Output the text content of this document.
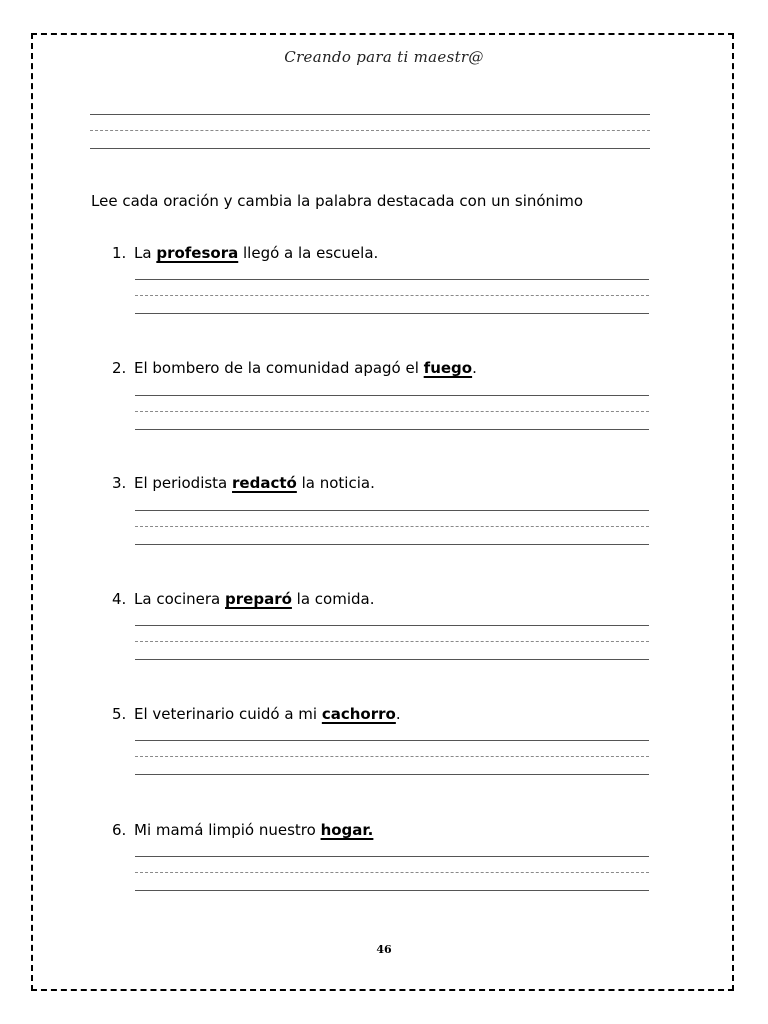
Creando para ti maestr@
Lee cada oración y cambia la palabra destacada con un sinónimo
1. La profesora llegó a la escuela.
2. El bombero de la comunidad apagó el fuego.
3. El periodista redactó la noticia.
4. La cocinera preparó la comida.
5. El veterinario cuidó a mi cachorro.
6. Mi mamá limpió nuestro hogar.
46
